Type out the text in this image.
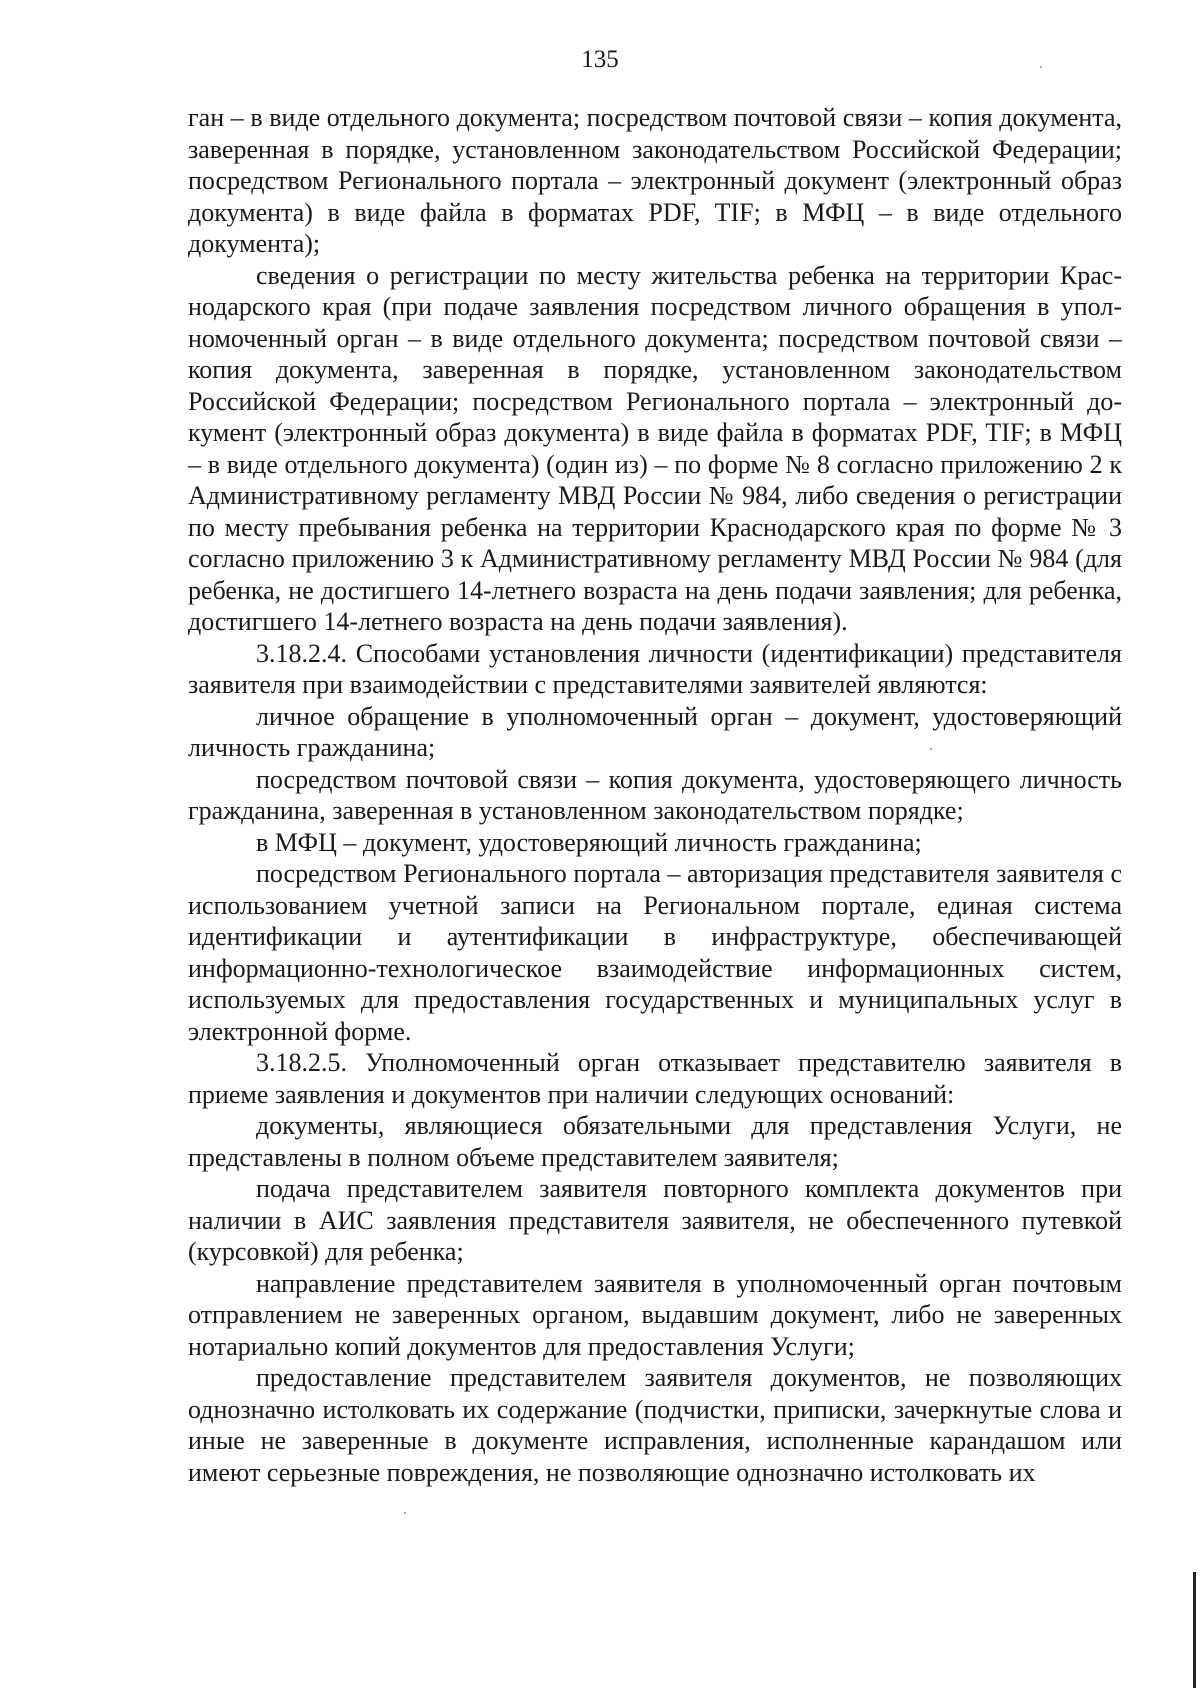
135

ган – в виде отдельного документа; посредством почтовой связи – копия документа, заверенная в порядке, установленном законодательством Российской Федерации; посредством Регионального портала – электронный документ (электронный образ документа) в виде файла в форматах PDF, TIF; в МФЦ – в виде отдельного документа);

сведения о регистрации по месту жительства ребенка на территории Краснодарского края (при подаче заявления посредством личного обращения в уполномоченный орган – в виде отдельного документа; посредством почтовой связи – копия документа, заверенная в порядке, установленном законодательством Российской Федерации; посредством Регионального портала – электронный документ (электронный образ документа) в виде файла в форматах PDF, TIF; в МФЦ – в виде отдельного документа) (один из) – по форме № 8 согласно приложению 2 к Административному регламенту МВД России № 984, либо сведения о регистрации по месту пребывания ребенка на территории Краснодарского края по форме № 3 согласно приложению 3 к Административному регламенту МВД России № 984 (для ребенка, не достигшего 14-летнего возраста на день подачи заявления; для ребенка, достигшего 14-летнего возраста на день подачи заявления).

3.18.2.4. Способами установления личности (идентификации) представителя заявителя при взаимодействии с представителями заявителей являются:

личное обращение в уполномоченный орган – документ, удостоверяющий личность гражданина;

посредством почтовой связи – копия документа, удостоверяющего личность гражданина, заверенная в установленном законодательством порядке;

в МФЦ – документ, удостоверяющий личность гражданина;

посредством Регионального портала – авторизация представителя заявителя с использованием учетной записи на Региональном портале, единая система идентификации и аутентификации в инфраструктуре, обеспечивающей информационно-технологическое взаимодействие информационных систем, используемых для предоставления государственных и муниципальных услуг в электронной форме.

3.18.2.5. Уполномоченный орган отказывает представителю заявителя в приеме заявления и документов при наличии следующих оснований:

документы, являющиеся обязательными для представления Услуги, не представлены в полном объеме представителем заявителя;

подача представителем заявителя повторного комплекта документов при наличии в АИС заявления представителя заявителя, не обеспеченного путевкой (курсовкой) для ребенка;

направление представителем заявителя в уполномоченный орган почтовым отправлением не заверенных органом, выдавшим документ, либо не заверенных нотариально копий документов для предоставления Услуги;

предоставление представителем заявителя документов, не позволяющих однозначно истолковать их содержание (подчистки, приписки, зачеркнутые слова и иные не заверенные в документе исправления, исполненные карандашом или имеют серьезные повреждения, не позволяющие однозначно истолковать их
